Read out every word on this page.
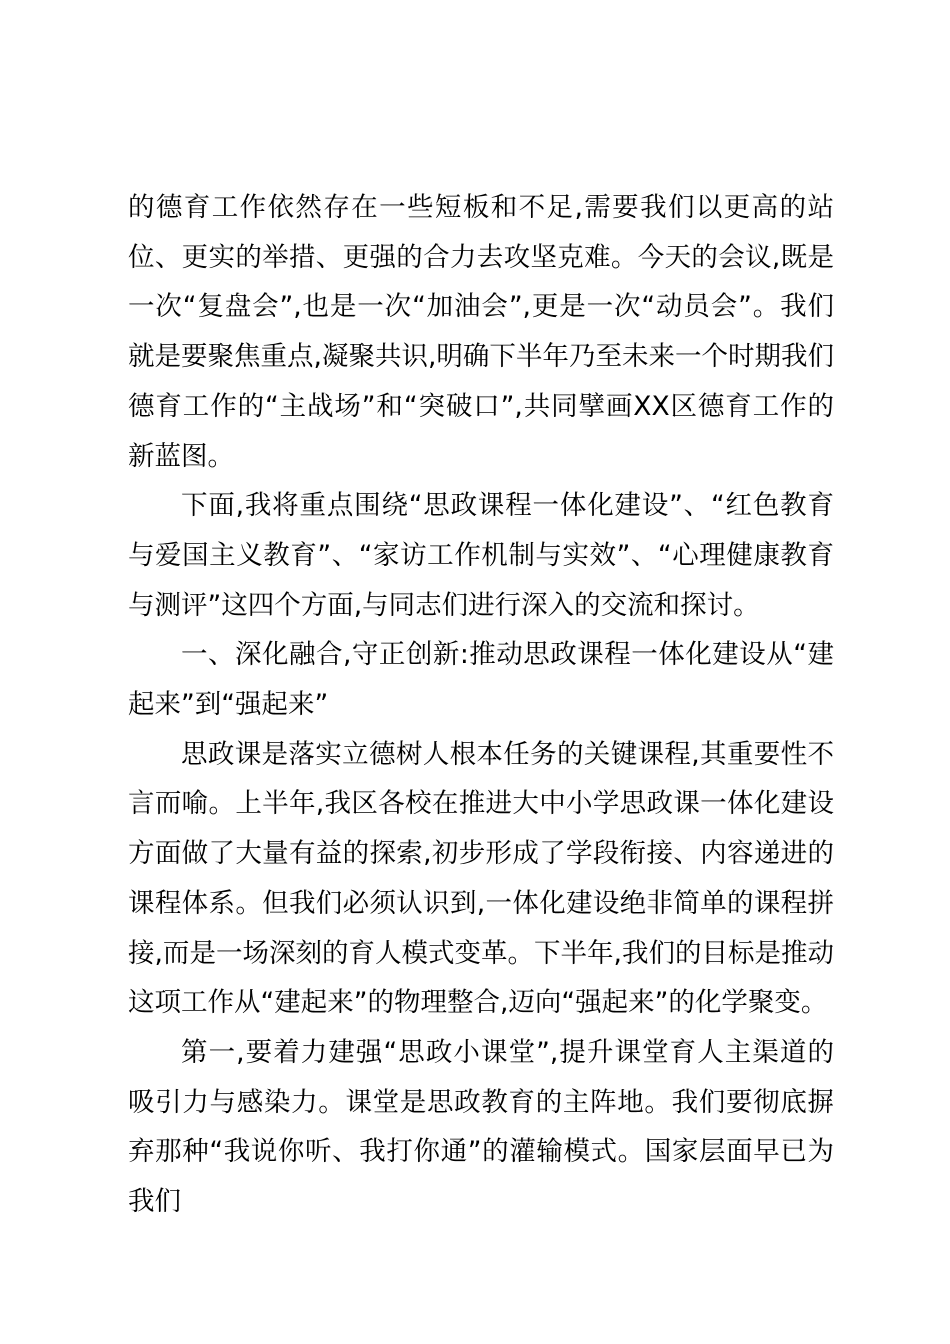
的德育工作依然存在一些短板和不足,需要我们以更高的站位、更实的举措、更强的合力去攻坚克难。今天的会议,既是一次“复盘会”,也是一次“加油会”,更是一次“动员会”。我们就是要聚焦重点,凝聚共识,明确下半年乃至未来一个时期我们德育工作的“主战场”和“突破口”,共同擘画XX区德育工作的新蓝图。

下面,我将重点围绕“思政课程一体化建设”、“红色教育与爱国主义教育”、“家访工作机制与实效”、“心理健康教育与测评”这四个方面,与同志们进行深入的交流和探讨。

一、深化融合,守正创新:推动思政课程一体化建设从“建起来”到“强起来”

思政课是落实立德树人根本任务的关键课程,其重要性不言而喻。上半年,我区各校在推进大中小学思政课一体化建设方面做了大量有益的探索,初步形成了学段衔接、内容递进的课程体系。但我们必须认识到,一体化建设绝非简单的课程拼接,而是一场深刻的育人模式变革。下半年,我们的目标是推动这项工作从“建起来”的物理整合,迈向“强起来”的化学聚变。

第一,要着力建强“思政小课堂”,提升课堂育人主渠道的吸引力与感染力。课堂是思政教育的主阵地。我们要彻底摒弃那种“我说你听、我打你通”的灌输模式。国家层面早已为我们
